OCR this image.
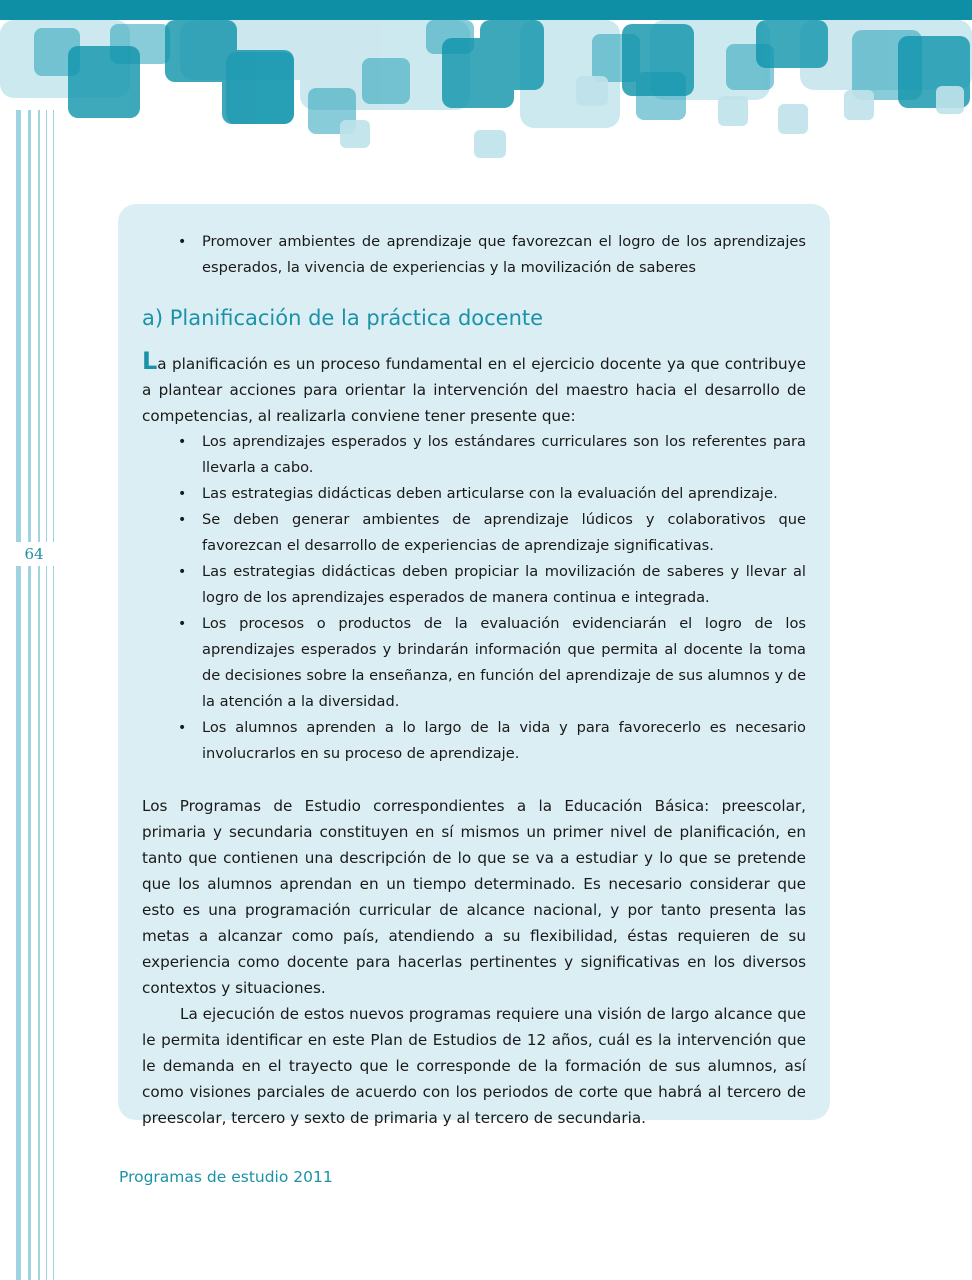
64
• Promover ambientes de aprendizaje que favorezcan el logro de los aprendizajes esperados, la vivencia de experiencias y la movilización de saberes
a) Planificación de la práctica docente

La planificación es un proceso fundamental en el ejercicio docente ya que contribuye a plantear acciones para orientar la intervención del maestro hacia el desarrollo de competencias, al realizarla conviene tener presente que:

• Los aprendizajes esperados y los estándares curriculares son los referentes para llevarla a cabo.
• Las estrategias didácticas deben articularse con la evaluación del aprendizaje.
• Se deben generar ambientes de aprendizaje lúdicos y colaborativos que favorezcan el desarrollo de experiencias de aprendizaje significativas.
• Las estrategias didácticas deben propiciar la movilización de saberes y llevar al logro de los aprendizajes esperados de manera continua e integrada.
• Los procesos o productos de la evaluación evidenciarán el logro de los aprendizajes esperados y brindarán información que permita al docente la toma de decisiones sobre la enseñanza, en función del aprendizaje de sus alumnos y de la atención a la diversidad.
• Los alumnos aprenden a lo largo de la vida y para favorecerlo es necesario involucrarlos en su proceso de aprendizaje.

Los Programas de Estudio correspondientes a la Educación Básica: preescolar, primaria y secundaria constituyen en sí mismos un primer nivel de planificación, en tanto que contienen una descripción de lo que se va a estudiar y lo que se pretende que los alumnos aprendan en un tiempo determinado. Es necesario considerar que esto es una programación curricular de alcance nacional, y por tanto presenta las metas a alcanzar como país, atendiendo a su flexibilidad, éstas requieren de su experiencia como docente para hacerlas pertinentes y significativas en los diversos contextos y situaciones.

La ejecución de estos nuevos programas requiere una visión de largo alcance que le permita identificar en este Plan de Estudios de 12 años, cuál es la intervención que le demanda en el trayecto que le corresponde de la formación de sus alumnos, así como visiones parciales de acuerdo con los periodos de corte que habrá al tercero de preescolar, tercero y sexto de primaria y al tercero de secundaria.

Programas de estudio 2011
